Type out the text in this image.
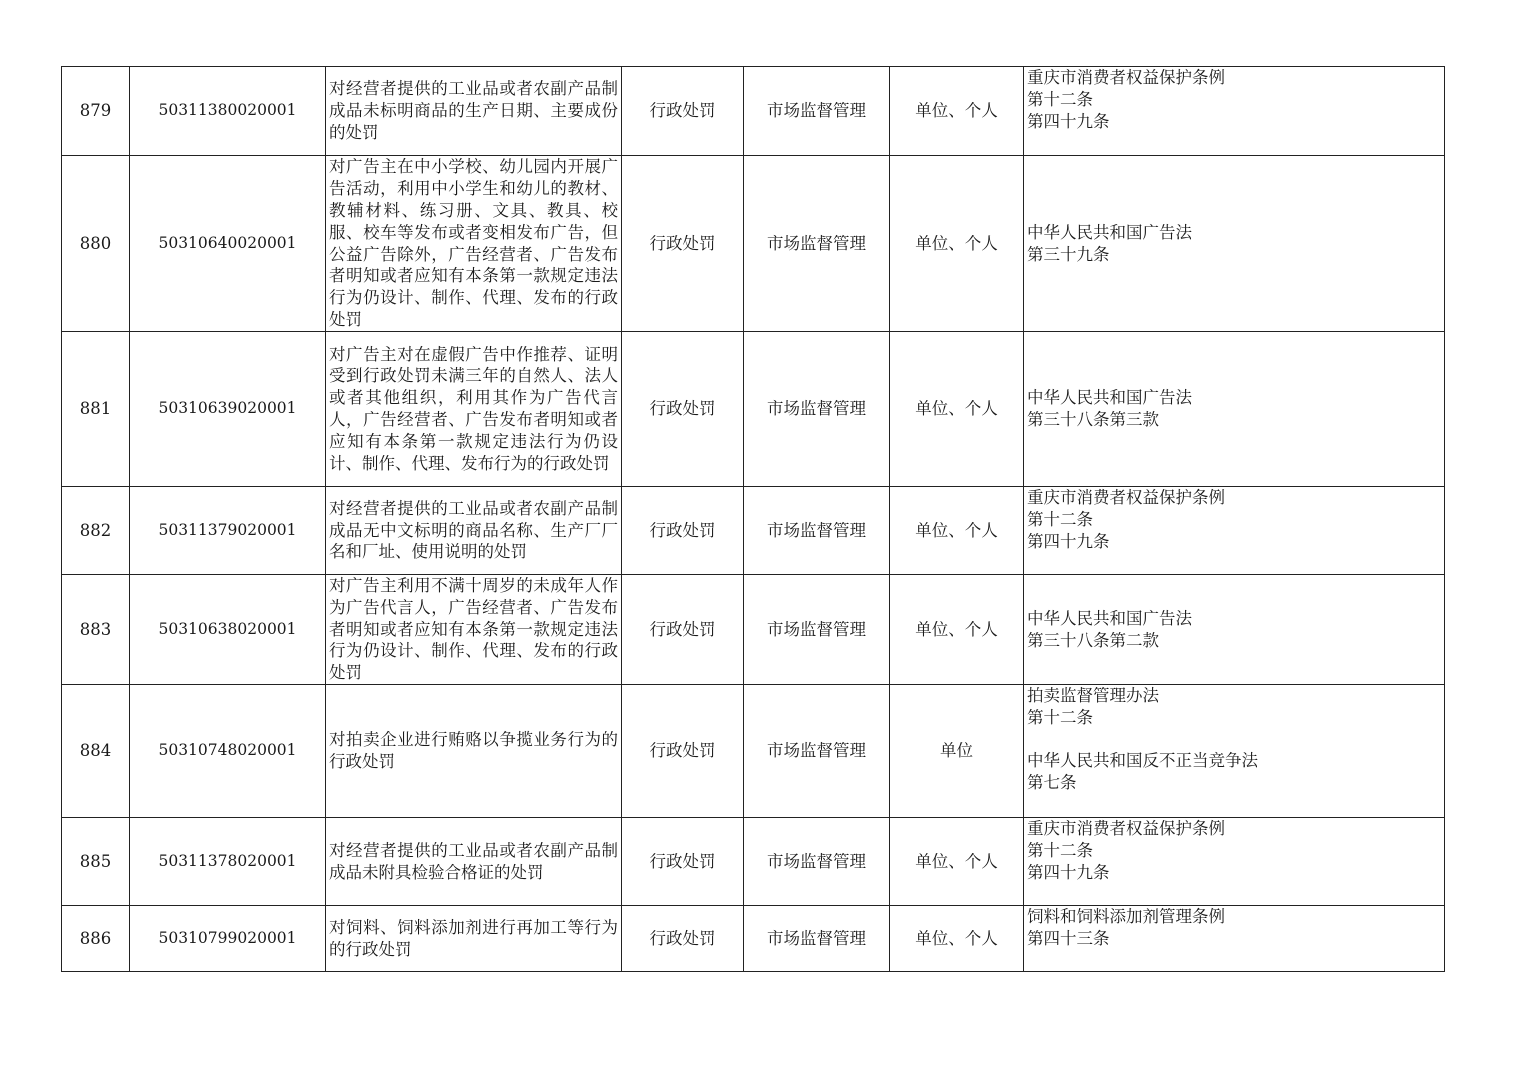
879	50311380020001	对经营者提供的工业品或者农副产品制成品未标明商品的生产日期、主要成份的处罚	行政处罚	市场监督管理	单位、个人	重庆市消费者权益保护条例
第十二条
第四十九条
880	50310640020001	对广告主在中小学校、幼儿园内开展广告活动，利用中小学生和幼儿的教材、教辅材料、练习册、文具、教具、校服、校车等发布或者变相发布广告，但公益广告除外，广告经营者、广告发布者明知或者应知有本条第一款规定违法行为仍设计、制作、代理、发布的行政处罚	行政处罚	市场监督管理	单位、个人	中华人民共和国广告法
第三十九条
881	50310639020001	对广告主对在虚假广告中作推荐、证明受到行政处罚未满三年的自然人、法人或者其他组织，利用其作为广告代言人，广告经营者、广告发布者明知或者应知有本条第一款规定违法行为仍设计、制作、代理、发布行为的行政处罚	行政处罚	市场监督管理	单位、个人	中华人民共和国广告法
第三十八条第三款
882	50311379020001	对经营者提供的工业品或者农副产品制成品无中文标明的商品名称、生产厂厂名和厂址、使用说明的处罚	行政处罚	市场监督管理	单位、个人	重庆市消费者权益保护条例
第十二条
第四十九条
883	50310638020001	对广告主利用不满十周岁的未成年人作为广告代言人，广告经营者、广告发布者明知或者应知有本条第一款规定违法行为仍设计、制作、代理、发布的行政处罚	行政处罚	市场监督管理	单位、个人	中华人民共和国广告法
第三十八条第二款
884	50310748020001	对拍卖企业进行贿赂以争揽业务行为的行政处罚	行政处罚	市场监督管理	单位	拍卖监督管理办法
第十二条

中华人民共和国反不正当竞争法
第七条
885	50311378020001	对经营者提供的工业品或者农副产品制成品未附具检验合格证的处罚	行政处罚	市场监督管理	单位、个人	重庆市消费者权益保护条例
第十二条
第四十九条
886	50310799020001	对饲料、饲料添加剂进行再加工等行为的行政处罚	行政处罚	市场监督管理	单位、个人	饲料和饲料添加剂管理条例
第四十三条
